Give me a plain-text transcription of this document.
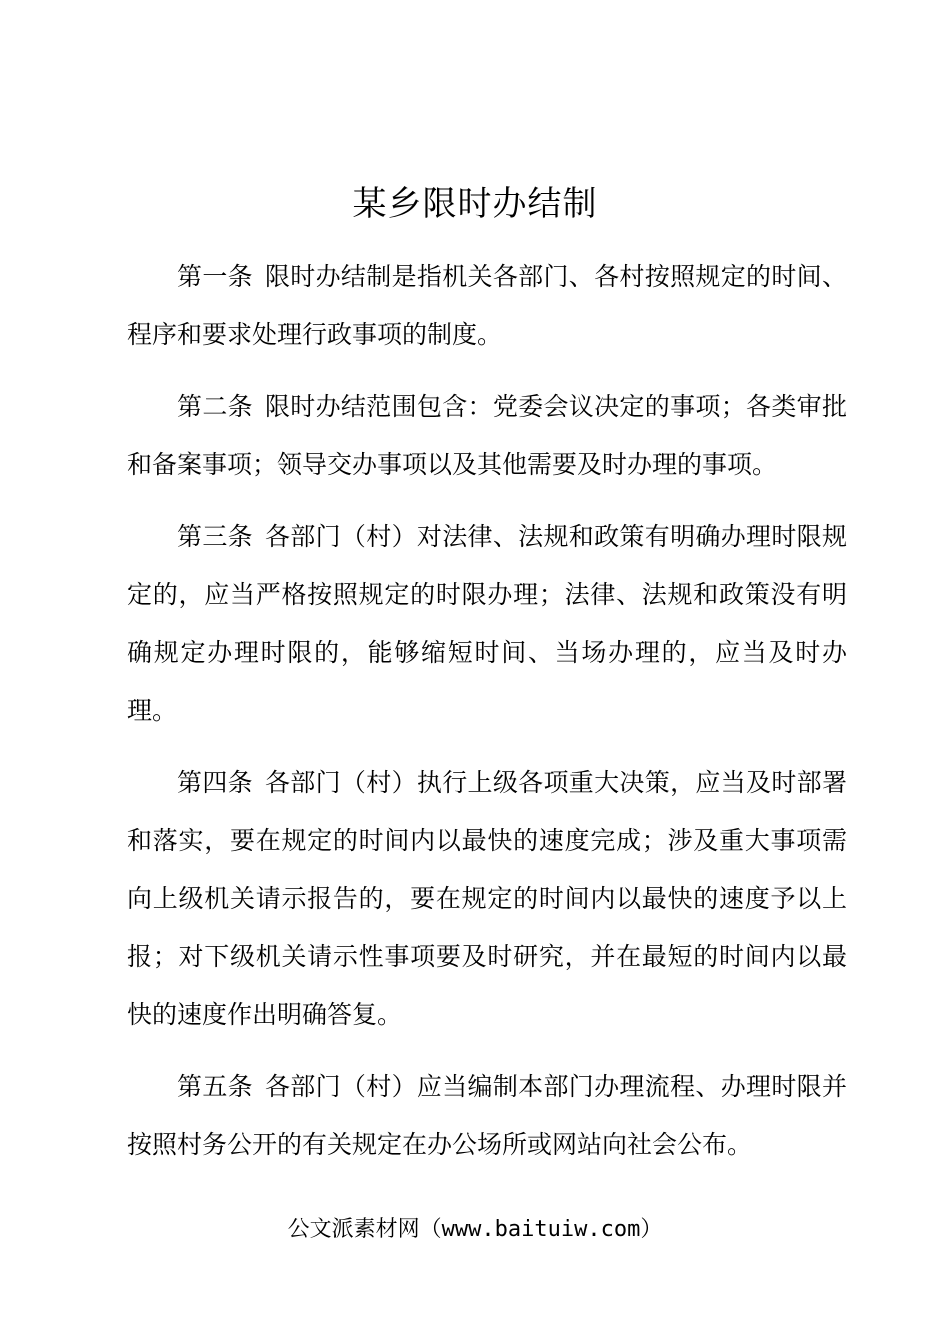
某乡限时办结制

第一条 限时办结制是指机关各部门、各村按照规定的时间、程序和要求处理行政事项的制度。

第二条 限时办结范围包含：党委会议决定的事项；各类审批和备案事项；领导交办事项以及其他需要及时办理的事项。

第三条 各部门（村）对法律、法规和政策有明确办理时限规定的，应当严格按照规定的时限办理；法律、法规和政策没有明确规定办理时限的，能够缩短时间、当场办理的，应当及时办理。

第四条 各部门（村）执行上级各项重大决策，应当及时部署和落实，要在规定的时间内以最快的速度完成；涉及重大事项需向上级机关请示报告的，要在规定的时间内以最快的速度予以上报；对下级机关请示性事项要及时研究，并在最短的时间内以最快的速度作出明确答复。

第五条 各部门（村）应当编制本部门办理流程、办理时限并按照村务公开的有关规定在办公场所或网站向社会公布。

公文派素材网（www.baituiw.com）
